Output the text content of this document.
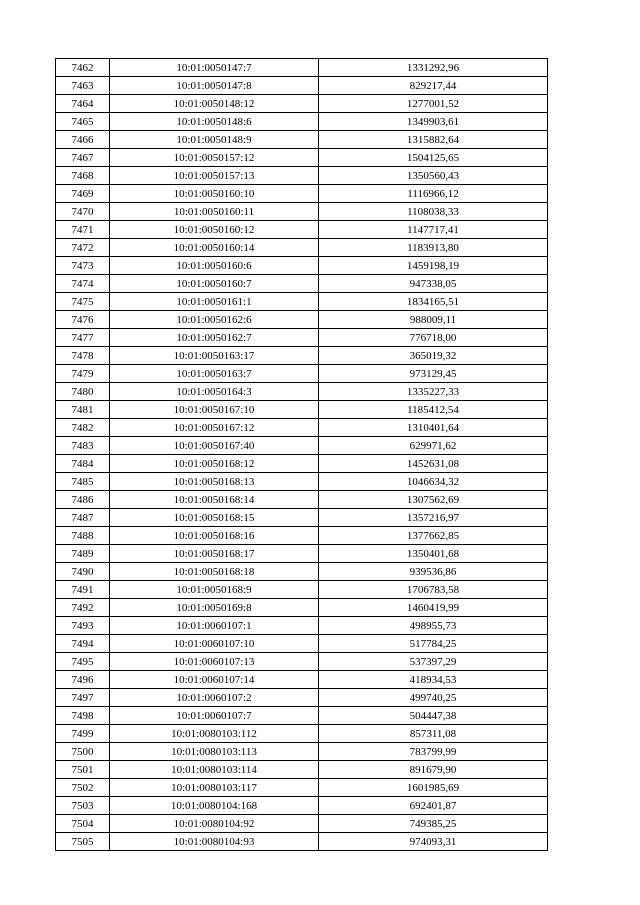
7462	10:01:0050147:7	1331292,96
7463	10:01:0050147:8	829217,44
7464	10:01:0050148:12	1277001,52
7465	10:01:0050148:6	1349903,61
7466	10:01:0050148:9	1315882,64
7467	10:01:0050157:12	1504125,65
7468	10:01:0050157:13	1350560,43
7469	10:01:0050160:10	1116966,12
7470	10:01:0050160:11	1108038,33
7471	10:01:0050160:12	1147717,41
7472	10:01:0050160:14	1183913,80
7473	10:01:0050160:6	1459198,19
7474	10:01:0050160:7	947338,05
7475	10:01:0050161:1	1834165,51
7476	10:01:0050162:6	988009,11
7477	10:01:0050162:7	776718,00
7478	10:01:0050163:17	365019,32
7479	10:01:0050163:7	973129,45
7480	10:01:0050164:3	1335227,33
7481	10:01:0050167:10	1185412,54
7482	10:01:0050167:12	1310401,64
7483	10:01:0050167:40	629971,62
7484	10:01:0050168:12	1452631,08
7485	10:01:0050168:13	1046634,32
7486	10:01:0050168:14	1307562,69
7487	10:01:0050168:15	1357216,97
7488	10:01:0050168:16	1377662,85
7489	10:01:0050168:17	1350401,68
7490	10:01:0050168:18	939536,86
7491	10:01:0050168:9	1706783,58
7492	10:01:0050169:8	1460419,99
7493	10:01:0060107:1	498955,73
7494	10:01:0060107:10	517784,25
7495	10:01:0060107:13	537397,29
7496	10:01:0060107:14	418934,53
7497	10:01:0060107:2	499740,25
7498	10:01:0060107:7	504447,38
7499	10:01:0080103:112	857311,08
7500	10:01:0080103:113	783799,99
7501	10:01:0080103:114	891679,90
7502	10:01:0080103:117	1601985,69
7503	10:01:0080104:168	692401,87
7504	10:01:0080104:92	749385,25
7505	10:01:0080104:93	974093,31
